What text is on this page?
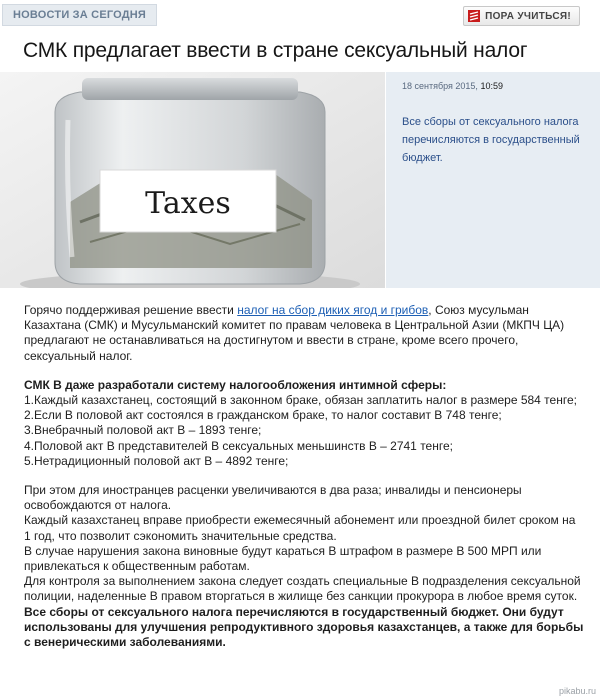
НОВОСТИ ЗА СЕГОДНЯ	ПОРА УЧИТЬСЯ!
СМК предлагает ввести в стране сексуальный налог
Taxes
18 сентября 2015, 10:59
Все сборы от сексуального налога перечисляются в государственный бюджет.

Горячо поддерживая решение ввести налог на сбор диких ягод и грибов, Союз мусульман Казахтана (СМК) и Мусульманский комитет по правам человека в Центральной Азии (МКПЧ ЦА) предлагают не останавливаться на достигнутом и ввести в стране, кроме всего прочего, сексуальный налог.

СМК В даже разработали систему налогообложения интимной сферы:

1.Каждый казахстанец, состоящий в законном браке, обязан заплатить налог в размере 584 тенге;

2.Если В половой акт состоялся в гражданском браке, то налог составит В 748 тенге;

3.Внебрачный половой акт В – 1893 тенге;

4.Половой акт В представителей В сексуальных меньшинств В – 2741 тенге;

5.Нетрадиционный половой акт В – 4892 тенге;

При этом для иностранцев расценки увеличиваются в два раза; инвалиды и пенсионеры освобождаются от налога.

Каждый казахстанец вправе приобрести ежемесячный абонемент или проездной билет сроком на 1 год, что позволит сэкономить значительные средства.

В случае нарушения закона виновные будут караться В штрафом в размере В 500 МРП или привлекаться к общественным работам.

Для контроля за выполнением закона следует создать специальные В подразделения сексуальной полиции, наделенные В правом вторгаться в жилище без санкции прокурора в любое время суток.

Все сборы от сексуального налога перечисляются в государственный бюджет. Они будут использованы для улучшения репродуктивного здоровья казахстанцев, а также для борьбы с венерическими заболеваниями.

pikabu.ru
